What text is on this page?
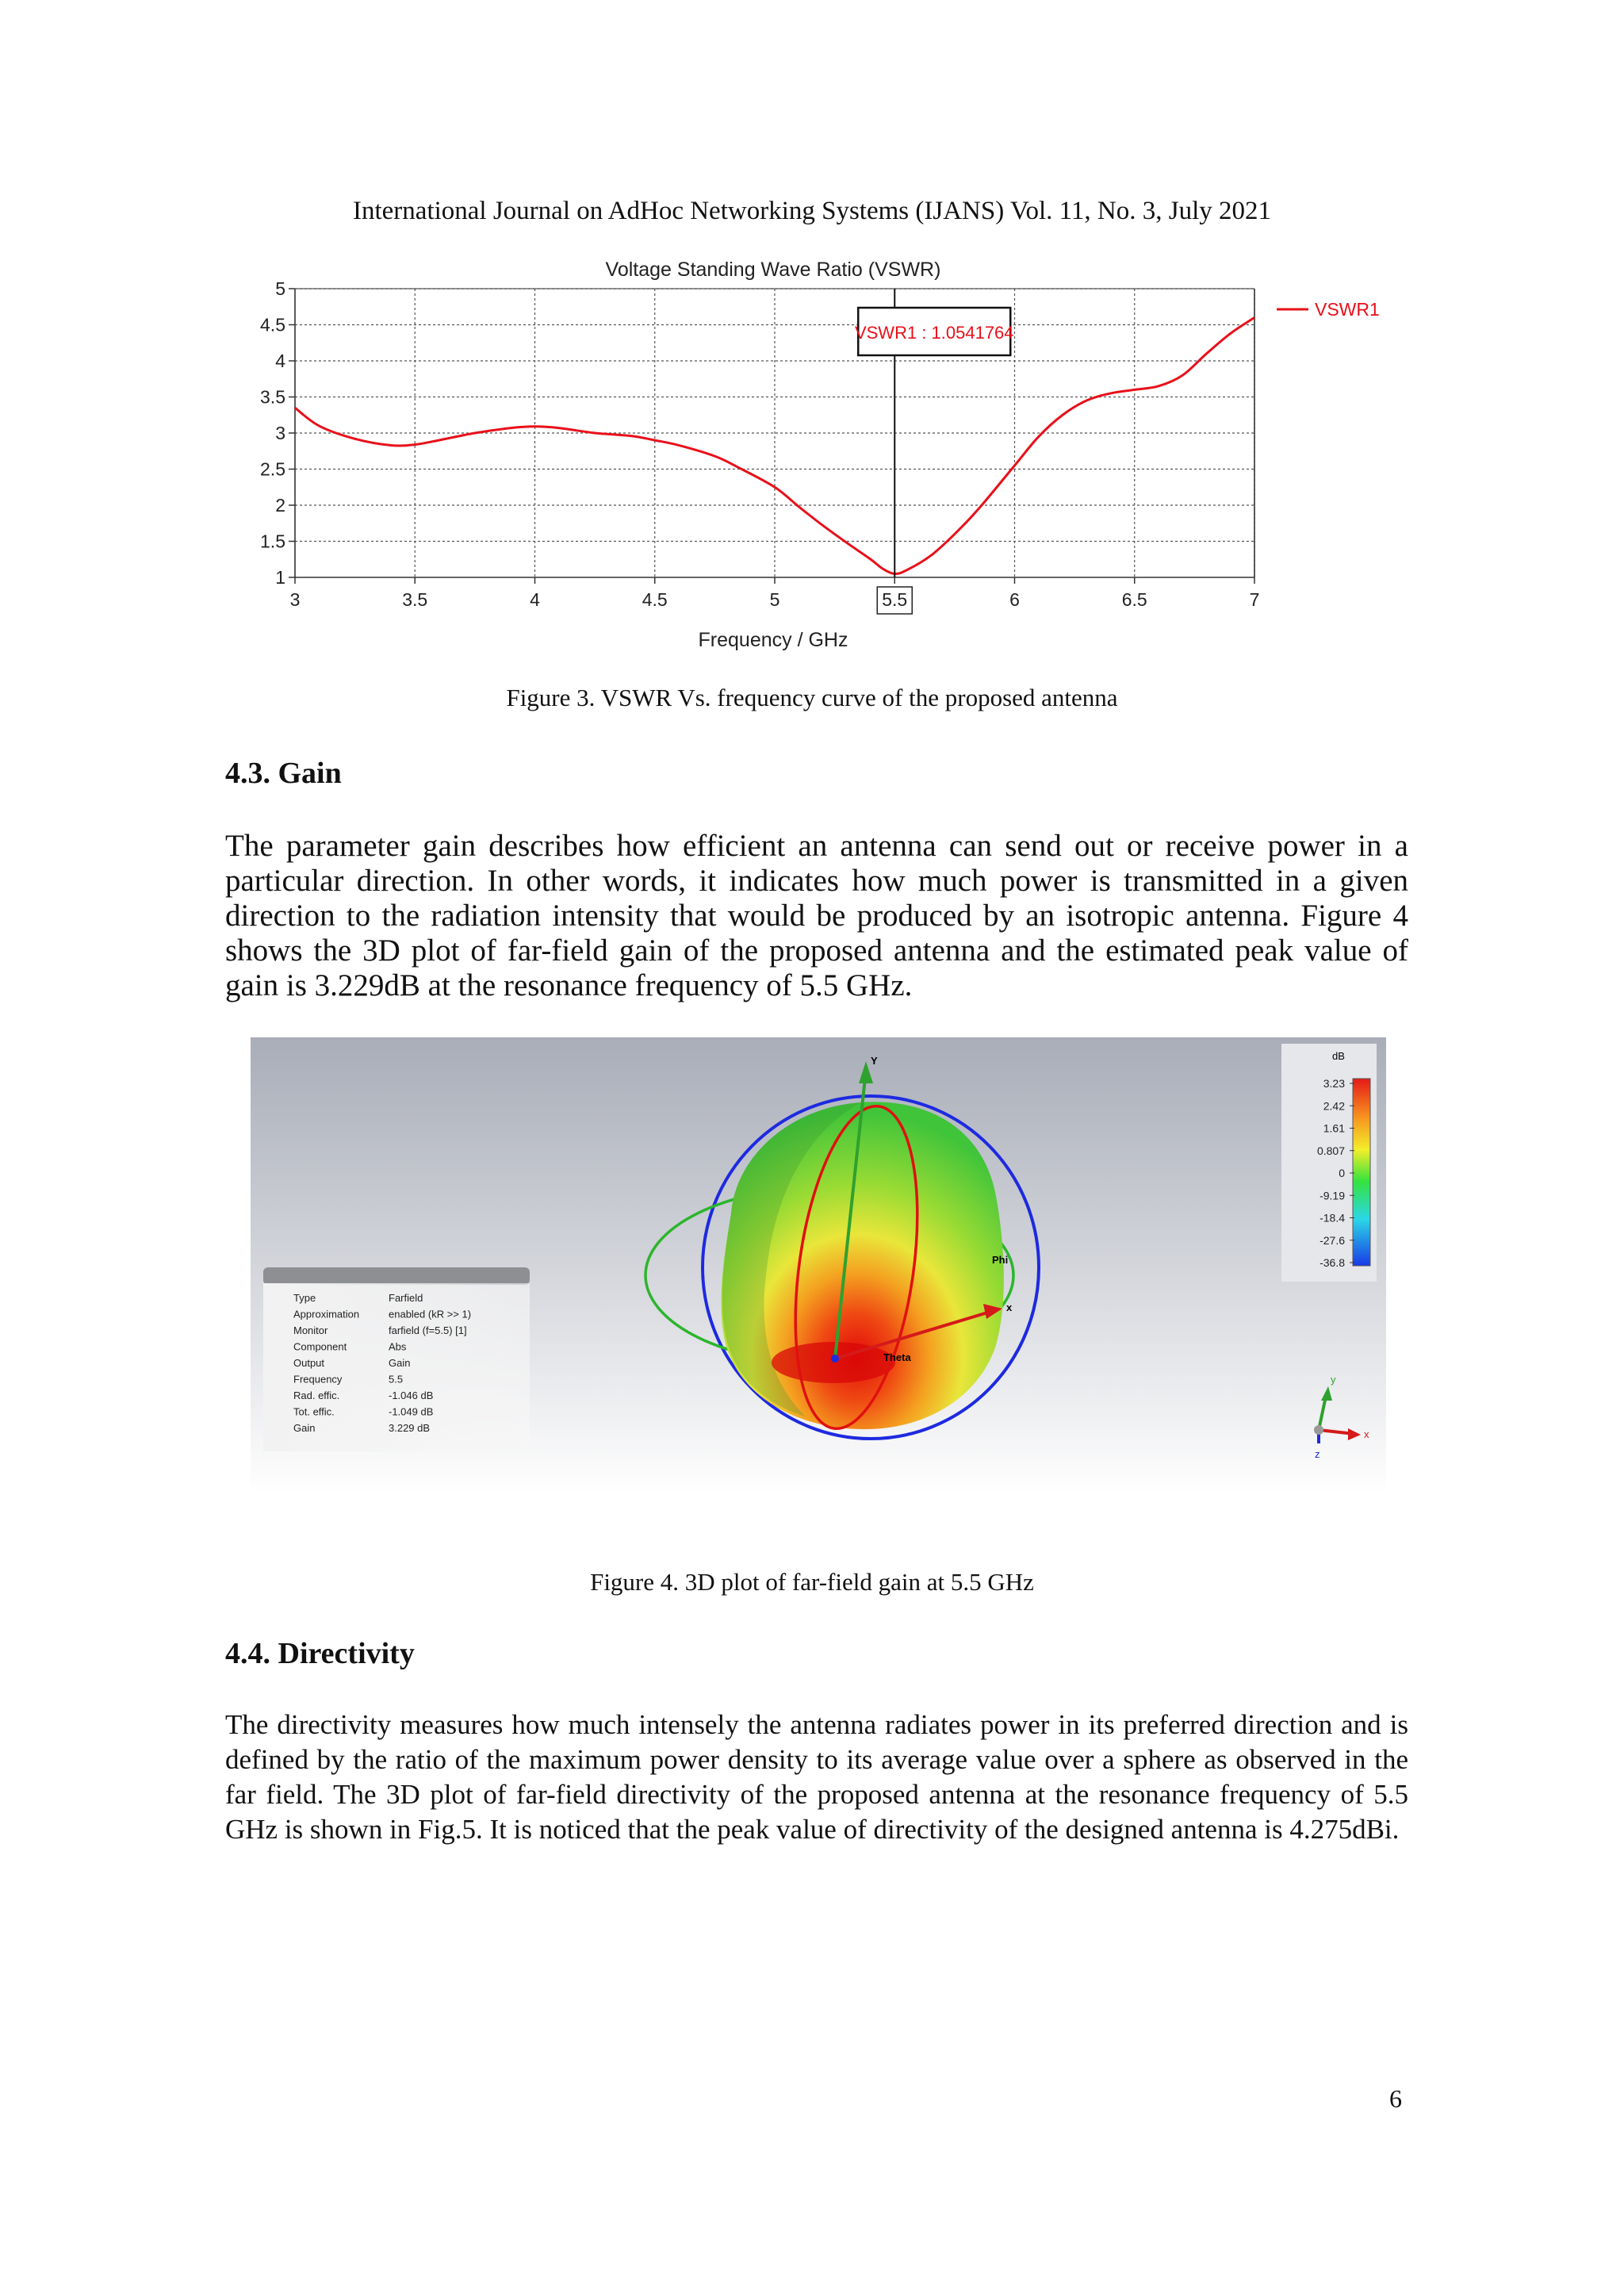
International Journal on AdHoc Networking Systems (IJANS) Vol. 11, No. 3, July 2021
1
1.5
2
2.5
3
3.5
4
4.5
5
3	3.5	4	4.5	5	5.5	6	6.5	7
Voltage Standing Wave Ratio (VSWR)
Frequency / GHz
VSWR1 : 1.0541764
VSWR1
Figure 3. VSWR Vs. frequency curve of the proposed antenna
4.3. Gain

The parameter gain describes how efficient an antenna can send out or receive power in a particular direction. In other words, it indicates how much power is transmitted in a given direction to the radiation intensity that would be produced by an isotropic antenna. Figure 4 shows the 3D plot of far-field gain of the proposed antenna and the estimated peak value of gain is 3.229dB at the resonance frequency of 5.5 GHz.

Type	Farfield
Approximation	enabled (kR >> 1)
Monitor	farfield (f=5.5) [1]
Component	Abs
Output	Gain
Frequency	5.5
Rad. effic.	-1.046 dB
Tot. effic.	-1.049 dB
Gain	3.229 dB
Y
x
Phi
Theta
dB
3.23
2.42
1.61
0.807
0
-9.19
-18.4
-27.6
-36.8
y
x
z
Figure 4. 3D plot of far-field gain at 5.5 GHz
4.4. Directivity

The directivity measures how much intensely the antenna radiates power in its preferred direction and is defined by the ratio of the maximum power density to its average value over a sphere as observed in the far field. The 3D plot of far-field directivity of the proposed antenna at the resonance frequency of 5.5 GHz is shown in Fig.5. It is noticed that the peak value of directivity of the designed antenna is 4.275dBi.

6
